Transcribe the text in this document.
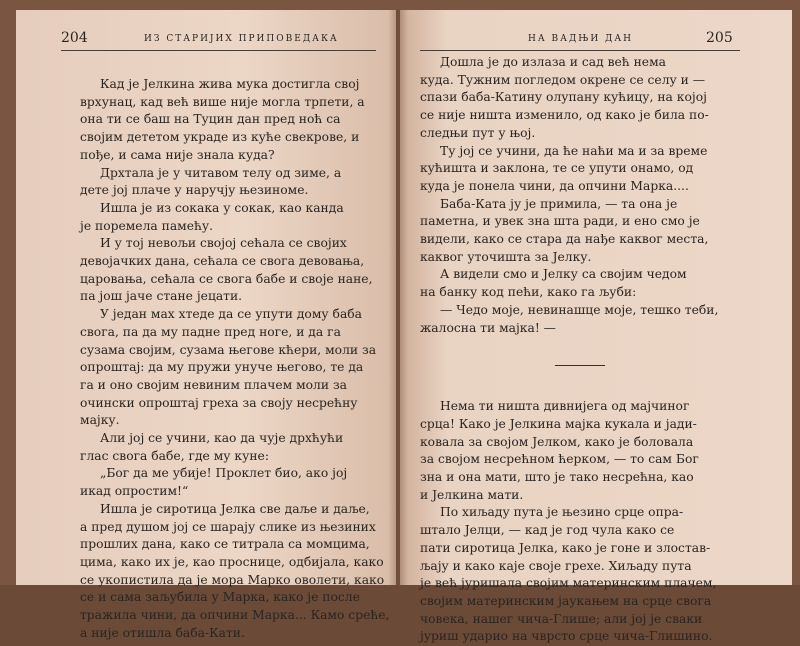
204	ИЗ СТАРИЈИХ ПРИПОВЕДАКА
Кад је Јелкина жива мука достигла свој
врхунац, кад већ више није могла трпети, а
она ти се баш на Туцин дан пред ноћ са
својим дететом украде из куће свекрове, и
пође, и сама није знала куда?
Дрхтала је у читавом телу од зиме, а
дете јој плаче у наручју њезиноме.
Ишла је из сокака у сокак, као канда
је поремела памећу.
И у тој невољи својој сећала се својих
девојачких дана, сећала се свога девовања,
царовања, сећала се свога бабе и своје нане,
па још јаче стане јецати.
У један мах хтеде да се упути дому баба
свога, па да му падне пред ноге, и да га
сузама својим, сузама његове кћери, моли за
опроштај: да му пружи унуче његово, те да
га и оно својим невиним плачем моли за
очински опроштај греха за своју несрећну
мајку.
Али јој се учини, као да чује дрхћући
глас свога бабе, где му куне:
„Бог да ме убије! Проклет био, ако јој
икад опростим!“
Ишла је сиротица Јелка све даље и даље,
а пред душом јој се шарају слике из њезиних
прошлих дана, како се титрала са момцима,
цима, како их је, као проснице, одбијала, како
се укопистила да је мора Марко оволети, како
се и сама заљубила у Марка, како је после
тражила чини, да опчини Марка... Камо среће,
а није отишла баба-Кати.
НА ВАДЊИ ДАН	205
Дошла је до излаза и сад већ нема
куда. Тужним погледом окрене се селу и —
спази баба-Катину олупану кућицу, на којој
се није ништа изменило, од како је била по-
следњи пут у њој.
Ту јој се учини, да ће наћи ма и за време
кућишта и заклона, те се упути онамо, од
куда је понела чини, да опчини Марка....
Баба-Ката ју је примила, — та она је
паметна, и увек зна шта ради, и ено смо је
видели, како се стара да нађе каквог места,
каквог уточишта за Јелку.
А видели смо и Јелку са својим чедом
на банку код пећи, како га љуби:
— Чедо моје, невинашце моје, тешко теби,
жалосна ти мајка! —
Нема ти ништа дивнијега од мајчиног
срца! Како је Јелкина мајка кукала и јади-
ковала за својом Јелком, како је боловала
за својом несрећном ћерком, — то сам Бог
зна и она мати, што је тако несрећна, као
и Јелкина мати.
По хиљаду пута је њезино срце опра-
штало Јелци, — кад је год чула како се
пати сиротица Јелка, како је гоне и злостав-
љају и како каје своје грехе. Хиљаду пута
је већ јуришала својим материнским плачем,
својим материнским јаукањем на срце свога
човека, нашег чича-Глише; али јој је сваки
јуриш ударио на чврсто срце чича-Глишино.
